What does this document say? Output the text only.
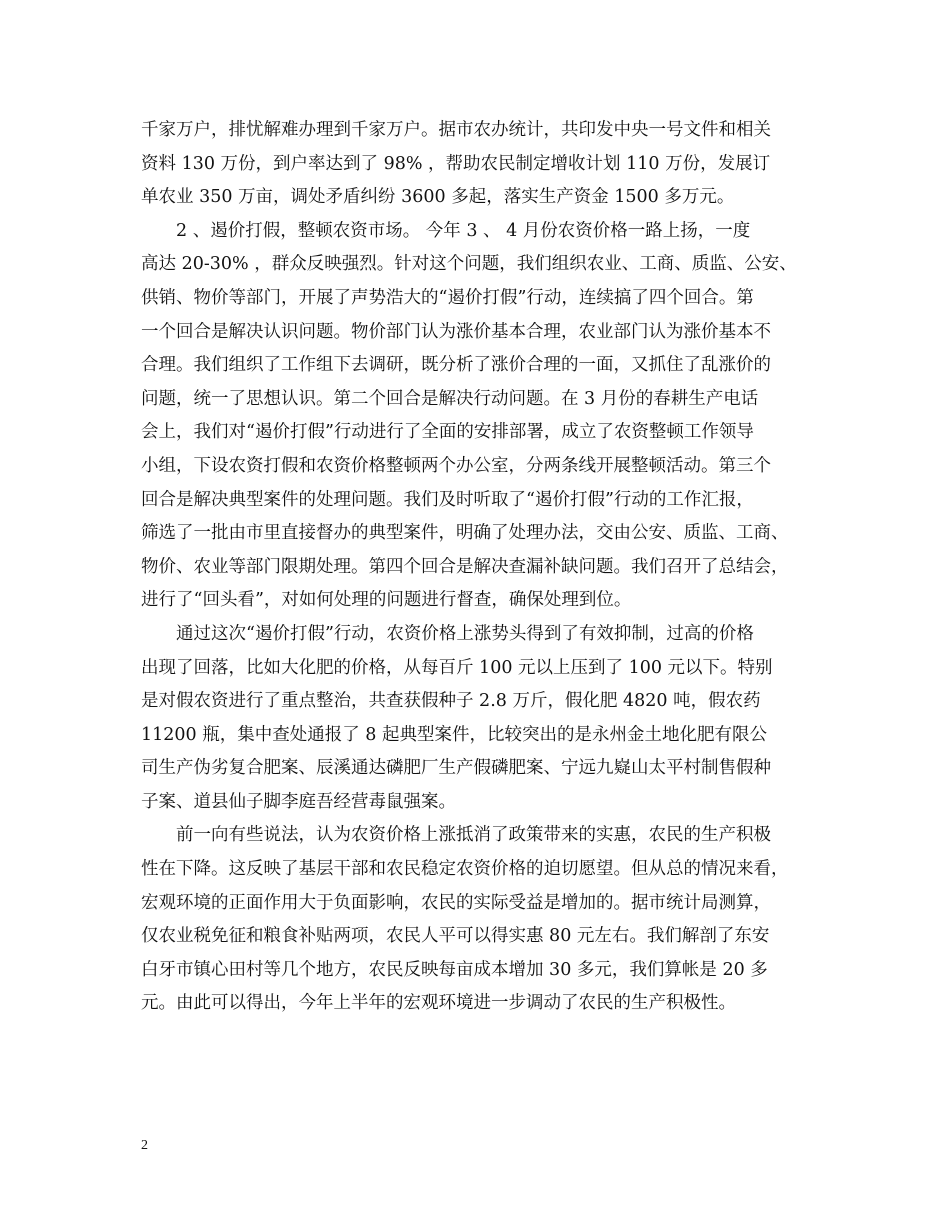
千家万户，排忧解难办理到千家万户。据市农办统计，共印发中央一号文件和相关
资料 130 万份，到户率达到了 98% ，帮助农民制定增收计划 110 万份，发展订
单农业 350 万亩，调处矛盾纠纷 3600 多起，落实生产资金 1500 多万元。
　　2 、遏价打假，整顿农资市场。 今年 3 、 4 月份农资价格一路上扬，一度
高达 20-30% ，群众反映强烈。针对这个问题，我们组织农业、工商、质监、公安、
供销、物价等部门，开展了声势浩大的“遏价打假”行动，连续搞了四个回合。第
一个回合是解决认识问题。物价部门认为涨价基本合理，农业部门认为涨价基本不
合理。我们组织了工作组下去调研，既分析了涨价合理的一面，又抓住了乱涨价的
问题，统一了思想认识。第二个回合是解决行动问题。在 3 月份的春耕生产电话
会上，我们对“遏价打假”行动进行了全面的安排部署，成立了农资整顿工作领导
小组，下设农资打假和农资价格整顿两个办公室，分两条线开展整顿活动。第三个
回合是解决典型案件的处理问题。我们及时听取了“遏价打假”行动的工作汇报，
筛选了一批由市里直接督办的典型案件，明确了处理办法，交由公安、质监、工商、
物价、农业等部门限期处理。第四个回合是解决查漏补缺问题。我们召开了总结会，
进行了“回头看”，对如何处理的问题进行督查，确保处理到位。
　　通过这次“遏价打假”行动，农资价格上涨势头得到了有效抑制，过高的价格
出现了回落，比如大化肥的价格，从每百斤 100 元以上压到了 100 元以下。特别
是对假农资进行了重点整治，共查获假种子 2.8 万斤，假化肥 4820 吨，假农药
11200 瓶，集中查处通报了 8 起典型案件，比较突出的是永州金土地化肥有限公
司生产伪劣复合肥案、辰溪通达磷肥厂生产假磷肥案、宁远九嶷山太平村制售假种
子案、道县仙子脚李庭吾经营毒鼠强案。
　　前一向有些说法，认为农资价格上涨抵消了政策带来的实惠，农民的生产积极
性在下降。这反映了基层干部和农民稳定农资价格的迫切愿望。但从总的情况来看，
宏观环境的正面作用大于负面影响，农民的实际受益是增加的。据市统计局测算，
仅农业税免征和粮食补贴两项，农民人平可以得实惠 80 元左右。我们解剖了东安
白牙市镇心田村等几个地方，农民反映每亩成本增加 30 多元，我们算帐是 20 多
元。由此可以得出，今年上半年的宏观环境进一步调动了农民的生产积极性。
2
